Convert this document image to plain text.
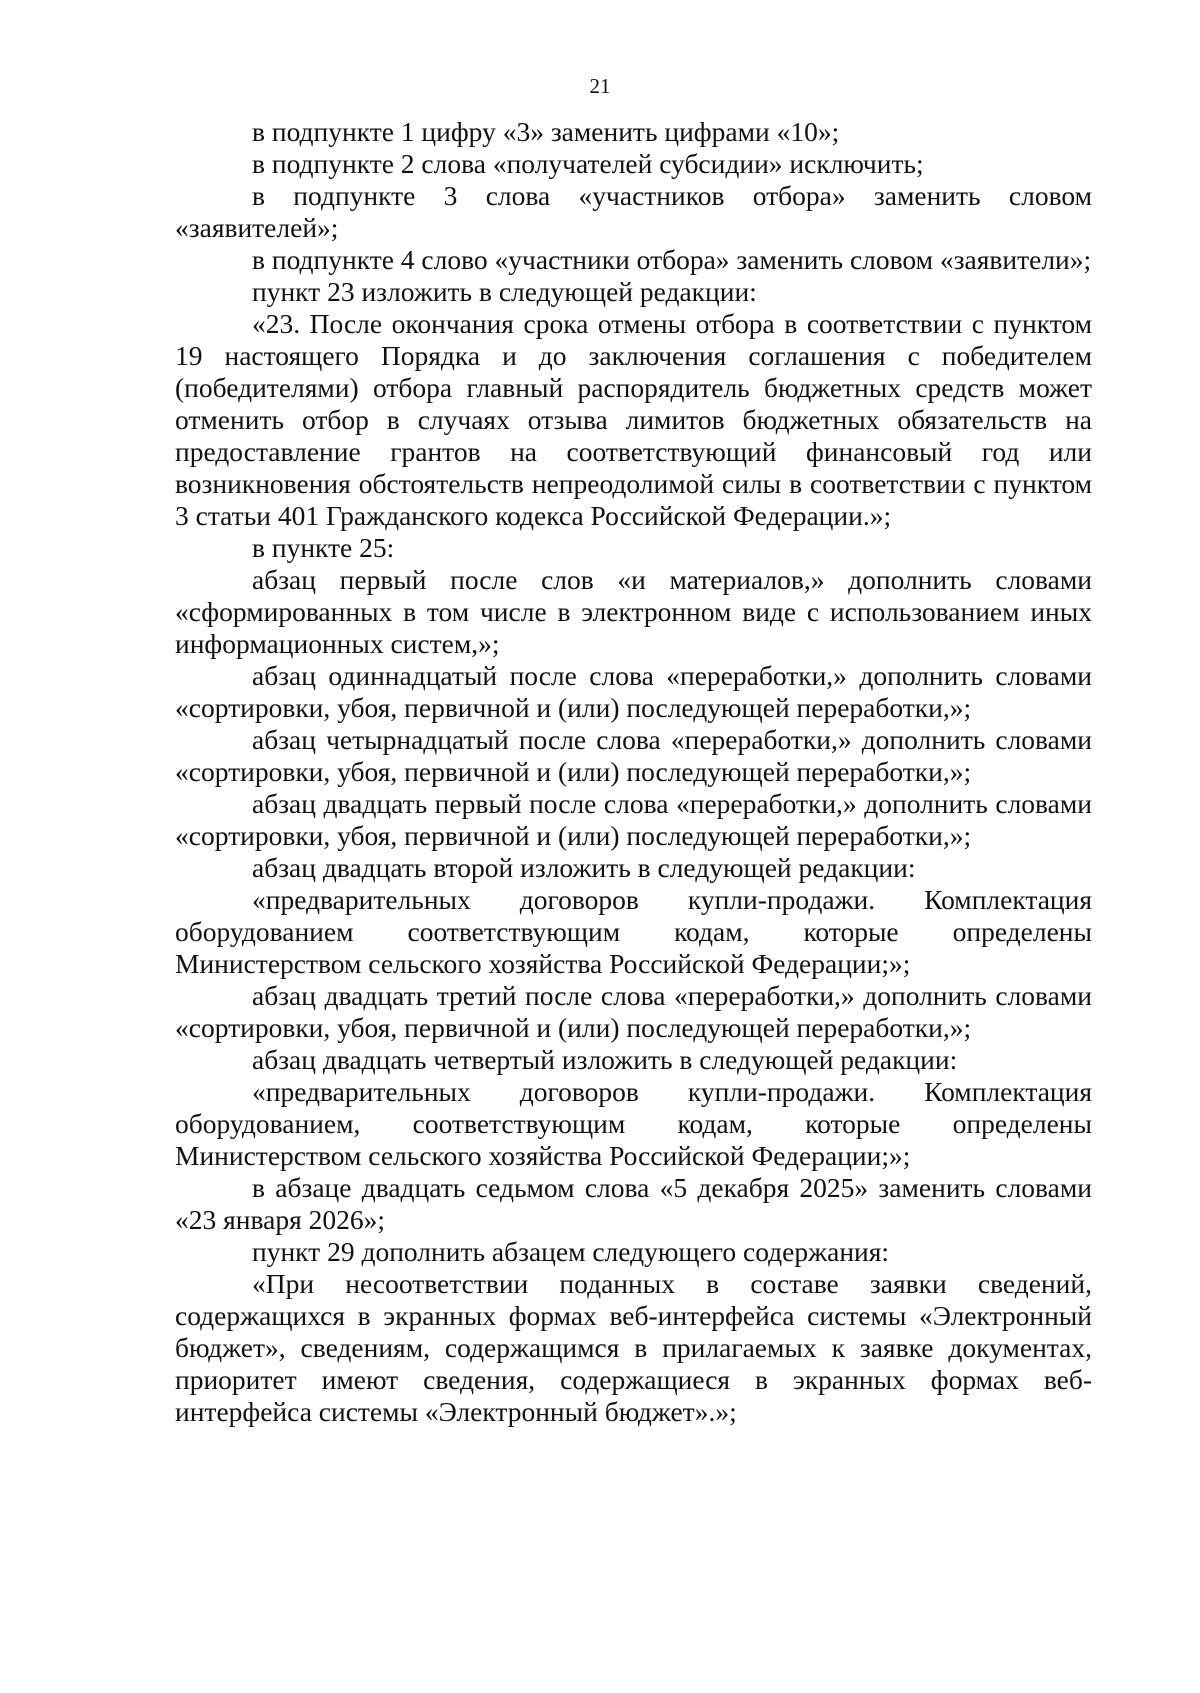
21

в подпункте 1 цифру «3» заменить цифрами «10»;

в подпункте 2 слова «получателей субсидии» исключить;

в подпункте 3 слова «участников отбора» заменить словом «заявителей»;

в подпункте 4 слово «участники отбора» заменить словом «заявители»;

пункт 23 изложить в следующей редакции:

«23. После окончания срока отмены отбора в соответствии с пунктом 19 настоящего Порядка и до заключения соглашения с победителем (победителями) отбора главный распорядитель бюджетных средств может отменить отбор в случаях отзыва лимитов бюджетных обязательств на предоставление грантов на соответствующий финансовый год или возникновения обстоятельств непреодолимой силы в соответствии с пунктом 3 статьи 401 Гражданского кодекса Российской Федерации.»;

в пункте 25:

абзац первый после слов «и материалов,» дополнить словами «сформированных в том числе в электронном виде с использованием иных информационных систем,»;

абзац одиннадцатый после слова «переработки,» дополнить словами «сортировки, убоя, первичной и (или) последующей переработки,»;

абзац четырнадцатый после слова «переработки,» дополнить словами «сортировки, убоя, первичной и (или) последующей переработки,»;

абзац двадцать первый после слова «переработки,» дополнить словами «сортировки, убоя, первичной и (или) последующей переработки,»;

абзац двадцать второй изложить в следующей редакции:

«предварительных договоров купли-продажи. Комплектация оборудованием соответствующим кодам, которые определены Министерством сельского хозяйства Российской Федерации;»;

абзац двадцать третий после слова «переработки,» дополнить словами «сортировки, убоя, первичной и (или) последующей переработки,»;

абзац двадцать четвертый изложить в следующей редакции:

«предварительных договоров купли-продажи. Комплектация оборудованием, соответствующим кодам, которые определены Министерством сельского хозяйства Российской Федерации;»;

в абзаце двадцать седьмом слова «5 декабря 2025» заменить словами «23 января 2026»;

пункт 29 дополнить абзацем следующего содержания:

«При несоответствии поданных в составе заявки сведений, содержащихся в экранных формах веб-интерфейса системы «Электронный бюджет», сведениям, содержащимся в прилагаемых к заявке документах, приоритет имеют сведения, содержащиеся в экранных формах веб-интерфейса системы «Электронный бюджет».»;
